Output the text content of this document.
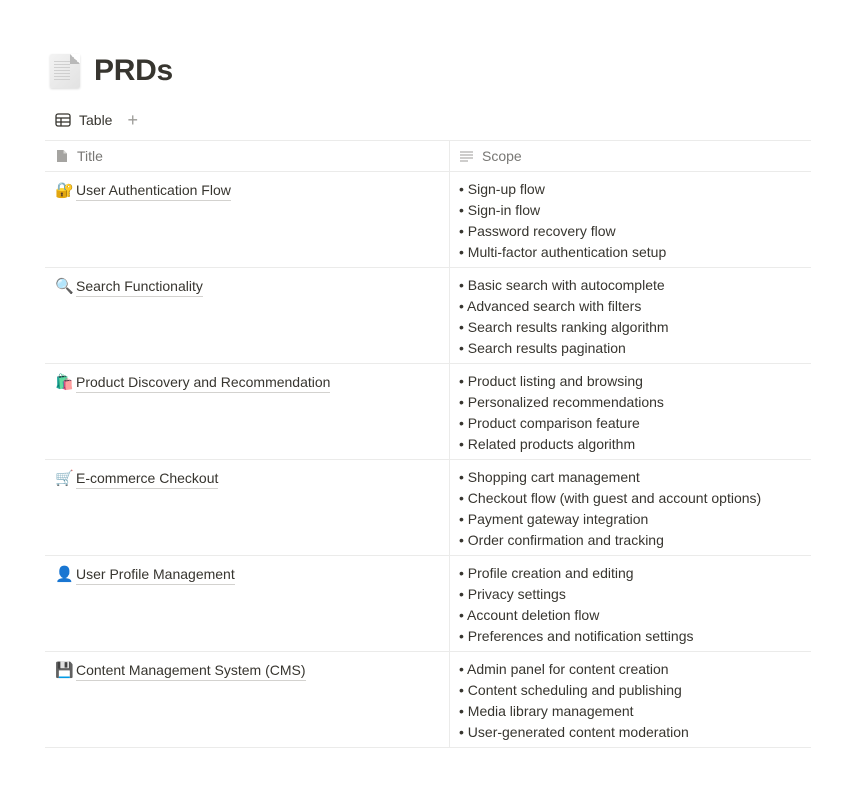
PRDs
Table +
Title	Scope
🔐 User Authentication Flow	• Sign-up flow
• Sign-in flow
• Password recovery flow
• Multi-factor authentication setup
🔍 Search Functionality	• Basic search with autocomplete
• Advanced search with filters
• Search results ranking algorithm
• Search results pagination
🛍️ Product Discovery and Recommendation	• Product listing and browsing
• Personalized recommendations
• Product comparison feature
• Related products algorithm
🛒 E-commerce Checkout	• Shopping cart management
• Checkout flow (with guest and account options)
• Payment gateway integration
• Order confirmation and tracking
👤 User Profile Management	• Profile creation and editing
• Privacy settings
• Account deletion flow
• Preferences and notification settings
💾 Content Management System (CMS)	• Admin panel for content creation
• Content scheduling and publishing
• Media library management
• User-generated content moderation
